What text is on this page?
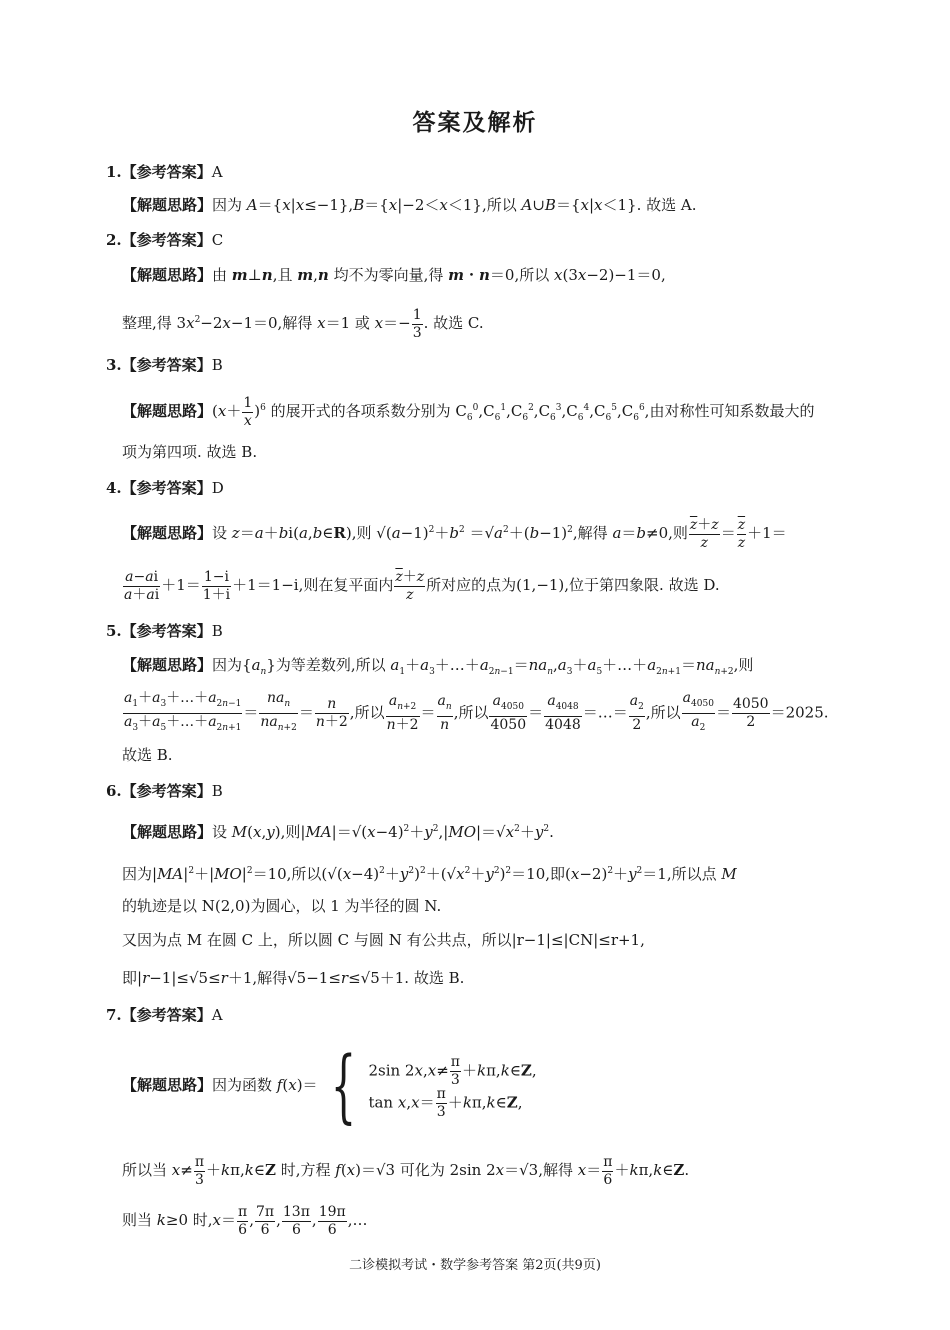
答案及解析
1.【参考答案】A
【解题思路】因为 A＝{x|x≤−1},B＝{x|−2＜x＜1},所以 A∪B＝{x|x＜1}. 故选 A.
2.【参考答案】C
【解题思路】由 m⊥n,且 m,n 均不为零向量,得 m・n＝0,所以 x(3x−2)−1＝0,
整理,得 $3x^2-2x-1=0$,解得 x＝1 或 $x=- \frac{1}{3}$ . 故选 C.
3.【参考答案】B
【解题思路】$(x+ \frac{1}{x} )^6$ 的展开式的各项系数分别为 $C_6^0,C_6^1,C_6^2,C_6^3,C_6^4,C_6^5,C_6^6$,由对称性可知系数最大的
项为第四项. 故选 B.
4.【参考答案】D
【解题思路】设 z＝a＋bi(a,b∈R),则 $√(a-1)^2+b^2 =√a^2+(b-1)^2$,解得 a＝b≠0,则 $\frac{\overline{z}+z}{z} = \frac{\overline{z}}{z} +1=$
$\frac{a-ai}{a+ai} +1= \frac{1-i}{1+i} +1=1-i$,则在复平面内 $\frac{\overline{z}+z}{z}$ 所对应的点为(1,−1),位于第四象限. 故选 D.
5.【参考答案】B
【解题思路】因为$\{a_n\}$为等差数列,所以 $a_1+a_3+\dots+a_{2n-1}=na_n,a_3+a_5+\dots+a_{2n+1}=na_{n+2}$,则
$\frac{a_1+a_3+\dots+a_{2n-1}}{a_3+a_5+\dots+a_{2n+1}} = \frac{na_n}{na_{n+2}} = \frac{n}{n+2}$ ,所以 $\frac{a_{n+2}}{n+2} = \frac{a_n}{n}$ ,所以 $\frac{a_{4050}}{4050} = \frac{a_{4048}}{4048}$ ＝…＝ $\frac{a_2}{2}$ ,所以 $\frac{a_{4050}}{a_2} = \frac{4050}{2} =2025$.
故选 B.
6.【参考答案】B
【解题思路】设 M(x,y),则$|MA|=√(x-4)^2+y^2,|MO|=√x^2+y^2$.
因为$|MA|^2+|MO|^2=10$,所以$(√(x-4)^2+y^2)^2+(√x^2+y^2)^2=10$,即$(x-2)^2+y^2=1$,所以点 M
的轨迹是以 N(2,0)为圆心，以 1 为半径的圆 N.
又因为点 M 在圆 C 上，所以圆 C 与圆 N 有公共点，所以|r−1|≤|CN|≤r+1,
即|r−1|≤√5≤r＋1,解得√5−1≤r≤√5＋1. 故选 B.
7.【参考答案】A
【解题思路】因为函数 f(x)＝ { 2sin $2x,x\ne \frac{\pi}{3}$ ＋kπ,k∈Z,
$\tan x,x= \frac{\pi}{3}$ ＋kπ,k∈Z,
所以当 $x\ne \frac{\pi}{3}$ ＋kπ,k∈Z 时,方程 f(x)＝√3 可化为 2sin 2x＝√3,解得 $x= \frac{\pi}{6}$ ＋kπ,k∈Z.
则当 k≥0 时$,x= \frac{\pi}{6}$ , $\frac{7\pi}{6}$ , $\frac{13\pi}{6}$ , $\frac{19\pi}{6}$ ,…
二诊模拟考试・数学参考答案 第2页(共9页)
